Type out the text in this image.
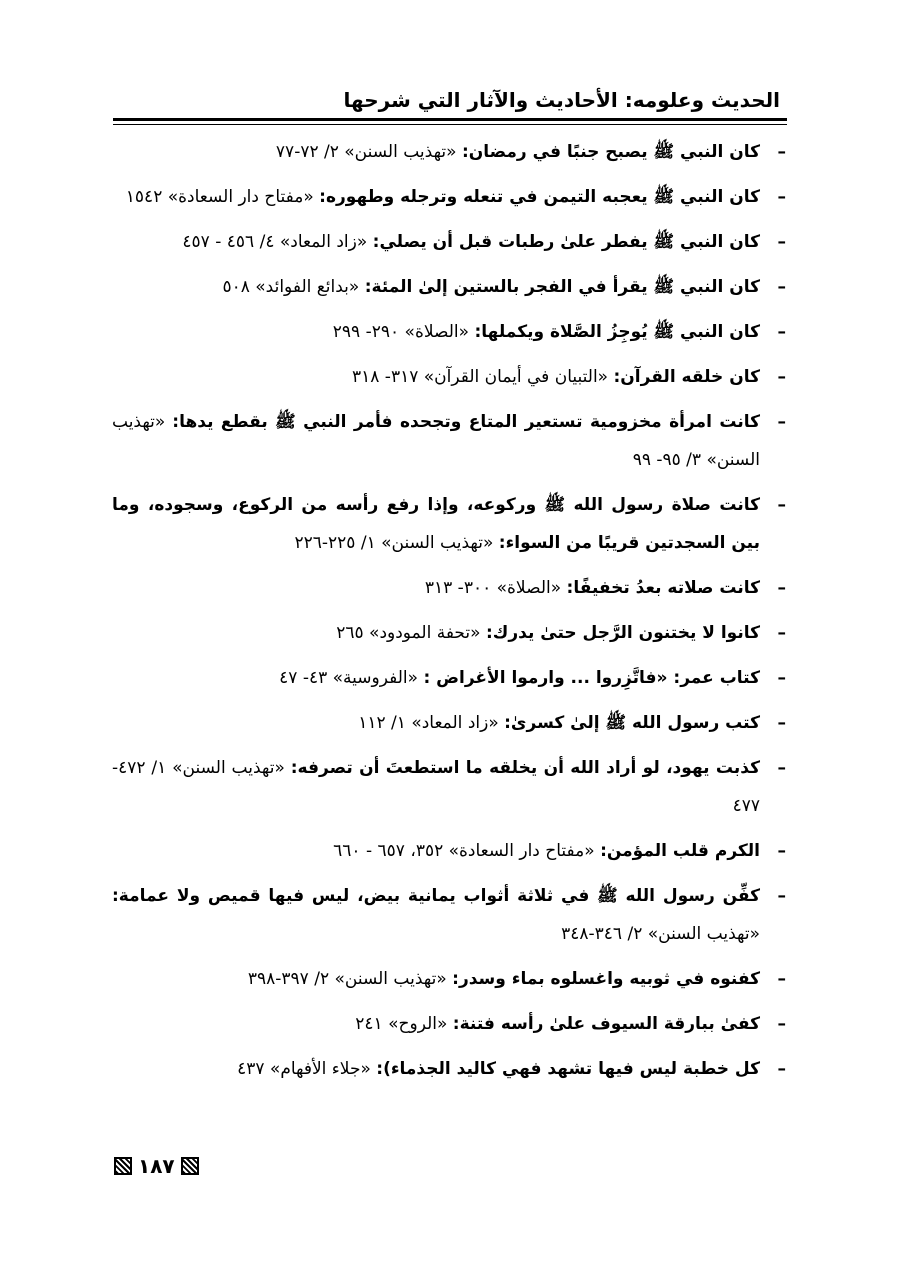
الحديث وعلومه: الأحاديث والآثار التي شرحها
–
كان النبي ﷺ يصبح جنبًا في رمضان: «تهذيب السنن» ٢/ ٧٢-٧٧
–
كان النبي ﷺ يعجبه التيمن في تنعله وترجله وطهوره: «مفتاح دار السعادة» ١٥٤٢
–
كان النبي ﷺ يفطر علىٰ رطبات قبل أن يصلي: «زاد المعاد» ٤/ ٤٥٦ - ٤٥٧
–
كان النبي ﷺ يقرأ في الفجر بالستين إلىٰ المئة: «بدائع الفوائد» ٥٠٨
–
كان النبي ﷺ يُوجِزُ الصَّلاة ويكملها: «الصلاة» ٢٩٠- ٢٩٩
–
كان خلقه القرآن: «التبيان في أيمان القرآن» ٣١٧- ٣١٨
–
كانت امرأة مخزومية تستعير المتاع وتجحده فأمر النبي ﷺ بقطع يدها: «تهذيب السنن» ٣/ ٩٥- ٩٩
–
كانت صلاة رسول الله ﷺ وركوعه، وإذا رفع رأسه من الركوع، وسجوده، وما بين السجدتين قريبًا من السواء: «تهذيب السنن» ١/ ٢٢٥-٢٢٦
–
كانت صلاته بعدُ تخفيفًا: «الصلاة» ٣٠٠- ٣١٣
–
كانوا لا يختنون الرَّجل حتىٰ يدرك: «تحفة المودود» ٢٦٥
–
كتاب عمر: «فاتَّزِروا ... وارموا الأغراض : «الفروسية» ٤٣- ٤٧
–
كتب رسول الله ﷺ إلىٰ كسرىٰ: «زاد المعاد» ١/ ١١٢
–
كذبت يهود، لو أراد الله أن يخلقه ما استطعتَ أن تصرفه: «تهذيب السنن» ١/ ٤٧٢- ٤٧٧
–
الكرم قلب المؤمن: «مفتاح دار السعادة» ٣٥٢، ٦٥٧ - ٦٦٠
–
كفِّن رسول الله ﷺ في ثلاثة أثواب يمانية بيض، ليس فيها قميص ولا عمامة: «تهذيب السنن» ٢/ ٣٤٦-٣٤٨
–
كفنوه في ثوبيه واغسلوه بماء وسدر: «تهذيب السنن» ٢/ ٣٩٧-٣٩٨
–
كفىٰ ببارقة السيوف علىٰ رأسه فتنة: «الروح» ٢٤١
–
كل خطبة ليس فيها تشهد فهي كاليد الجذماء): «جلاء الأفهام» ٤٣٧
١٨٧
